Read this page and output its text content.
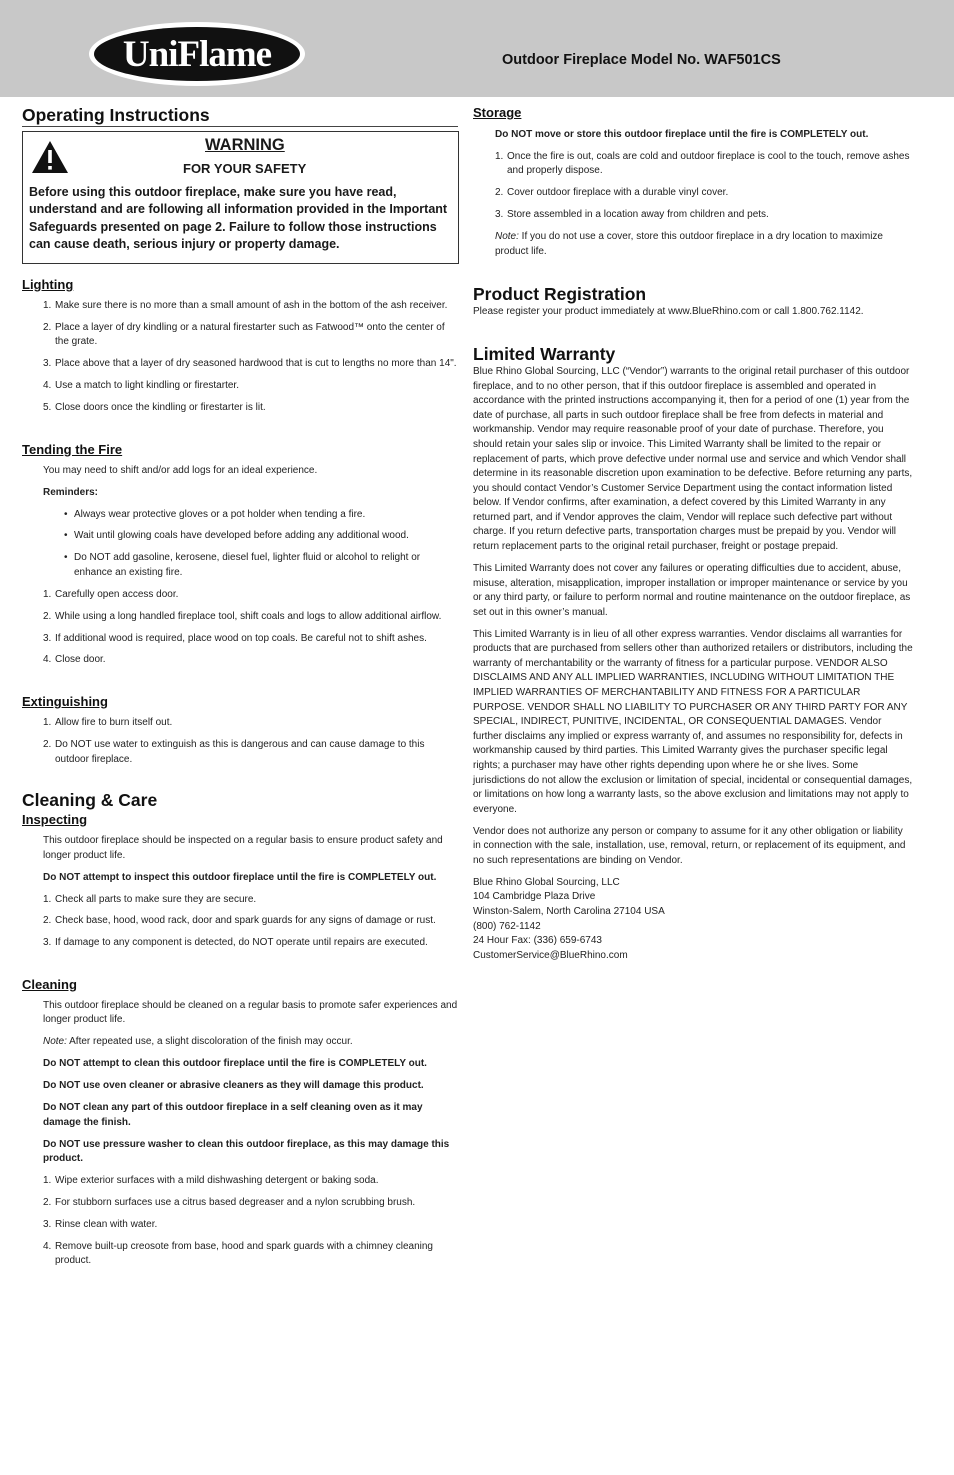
UniFlame	Outdoor Fireplace Model No. WAF501CS
Operating Instructions
WARNING
FOR YOUR SAFETY
Before using this outdoor fireplace, make sure you have read, understand and are following all information provided in the Important Safeguards presented on page 2. Failure to follow those instructions can cause death, serious injury or property damage.
Lighting
1. Make sure there is no more than a small amount of ash in the bottom of the ash receiver.
2. Place a layer of dry kindling or a natural firestarter such as Fatwood™ onto the center of the grate.
3. Place above that a layer of dry seasoned hardwood that is cut to lengths no more than 14".
4. Use a match to light kindling or firestarter.
5. Close doors once the kindling or firestarter is lit.
Tending the Fire

You may need to shift and/or add logs for an ideal experience.

Reminders:

• Always wear protective gloves or a pot holder when tending a fire.
• Wait until glowing coals have developed before adding any additional wood.
• Do NOT add gasoline, kerosene, diesel fuel, lighter fluid or alcohol to relight or enhance an existing fire.
1. Carefully open access door.
2. While using a long handled fireplace tool, shift coals and logs to allow additional airflow.
3. If additional wood is required, place wood on top coals. Be careful not to shift ashes.
4. Close door.
Extinguishing
1. Allow fire to burn itself out.
2. Do NOT use water to extinguish as this is dangerous and can cause damage to this outdoor fireplace.
Cleaning & Care
Inspecting

This outdoor fireplace should be inspected on a regular basis to ensure product safety and longer product life.

Do NOT attempt to inspect this outdoor fireplace until the fire is COMPLETELY out.

1. Check all parts to make sure they are secure.
2. Check base, hood, wood rack, door and spark guards for any signs of damage or rust.
3. If damage to any component is detected, do NOT operate until repairs are executed.
Cleaning

This outdoor fireplace should be cleaned on a regular basis to promote safer experiences and longer product life.

Note: After repeated use, a slight discoloration of the finish may occur.

Do NOT attempt to clean this outdoor fireplace until the fire is COMPLETELY out.

Do NOT use oven cleaner or abrasive cleaners as they will damage this product.

Do NOT clean any part of this outdoor fireplace in a self cleaning oven as it may damage the finish.

Do NOT use pressure washer to clean this outdoor fireplace, as this may damage this product.

1. Wipe exterior surfaces with a mild dishwashing detergent or baking soda.
2. For stubborn surfaces use a citrus based degreaser and a nylon scrubbing brush.
3. Rinse clean with water.
4. Remove built-up creosote from base, hood and spark guards with a chimney cleaning product.
Storage

Do NOT move or store this outdoor fireplace until the fire is COMPLETELY out.

1. Once the fire is out, coals are cold and outdoor fireplace is cool to the touch, remove ashes and properly dispose.
2. Cover outdoor fireplace with a durable vinyl cover.
3. Store assembled in a location away from children and pets.

Note: If you do not use a cover, store this outdoor fireplace in a dry location to maximize product life.

Product Registration

Please register your product immediately at www.BlueRhino.com or call 1.800.762.1142.

Limited Warranty

Blue Rhino Global Sourcing, LLC (“Vendor”) warrants to the original retail purchaser of this outdoor fireplace, and to no other person, that if this outdoor fireplace is assembled and operated in accordance with the printed instructions accompanying it, then for a period of one (1) year from the date of purchase, all parts in such outdoor fireplace shall be free from defects in material and workmanship. Vendor may require reasonable proof of your date of purchase. Therefore, you should retain your sales slip or invoice. This Limited Warranty shall be limited to the repair or replacement of parts, which prove defective under normal use and service and which Vendor shall determine in its reasonable discretion upon examination to be defective. Before returning any parts, you should contact Vendor’s Customer Service Department using the contact information listed below. If Vendor confirms, after examination, a defect covered by this Limited Warranty in any returned part, and if Vendor approves the claim, Vendor will replace such defective part without charge. If you return defective parts, transportation charges must be prepaid by you. Vendor will return replacement parts to the original retail purchaser, freight or postage prepaid.

This Limited Warranty does not cover any failures or operating difficulties due to accident, abuse, misuse, alteration, misapplication, improper installation or improper maintenance or service by you or any third party, or failure to perform normal and routine maintenance on the outdoor fireplace, as set out in this owner’s manual.

This Limited Warranty is in lieu of all other express warranties. Vendor disclaims all warranties for products that are purchased from sellers other than authorized retailers or distributors, including the warranty of merchantability or the warranty of fitness for a particular purpose. VENDOR ALSO DISCLAIMS AND ANY ALL IMPLIED WARRANTIES, INCLUDING WITHOUT LIMITATION THE IMPLIED WARRANTIES OF MERCHANTABILITY AND FITNESS FOR A PARTICULAR PURPOSE. VENDOR SHALL NO LIABILITY TO PURCHASER OR ANY THIRD PARTY FOR ANY SPECIAL, INDIRECT, PUNITIVE, INCIDENTAL, OR CONSEQUENTIAL DAMAGES. Vendor further disclaims any implied or express warranty of, and assumes no responsibility for, defects in workmanship caused by third parties. This Limited Warranty gives the purchaser specific legal rights; a purchaser may have other rights depending upon where he or she lives. Some jurisdictions do not allow the exclusion or limitation of special, incidental or consequential damages, or limitations on how long a warranty lasts, so the above exclusion and limitations may not apply to everyone.

Vendor does not authorize any person or company to assume for it any other obligation or liability in connection with the sale, installation, use, removal, return, or replacement of its equipment, and no such representations are binding on Vendor.

Blue Rhino Global Sourcing, LLC

104 Cambridge Plaza Drive

Winston-Salem, North Carolina 27104 USA

(800) 762-1142

24 Hour Fax: (336) 659-6743

CustomerService@BlueRhino.com
